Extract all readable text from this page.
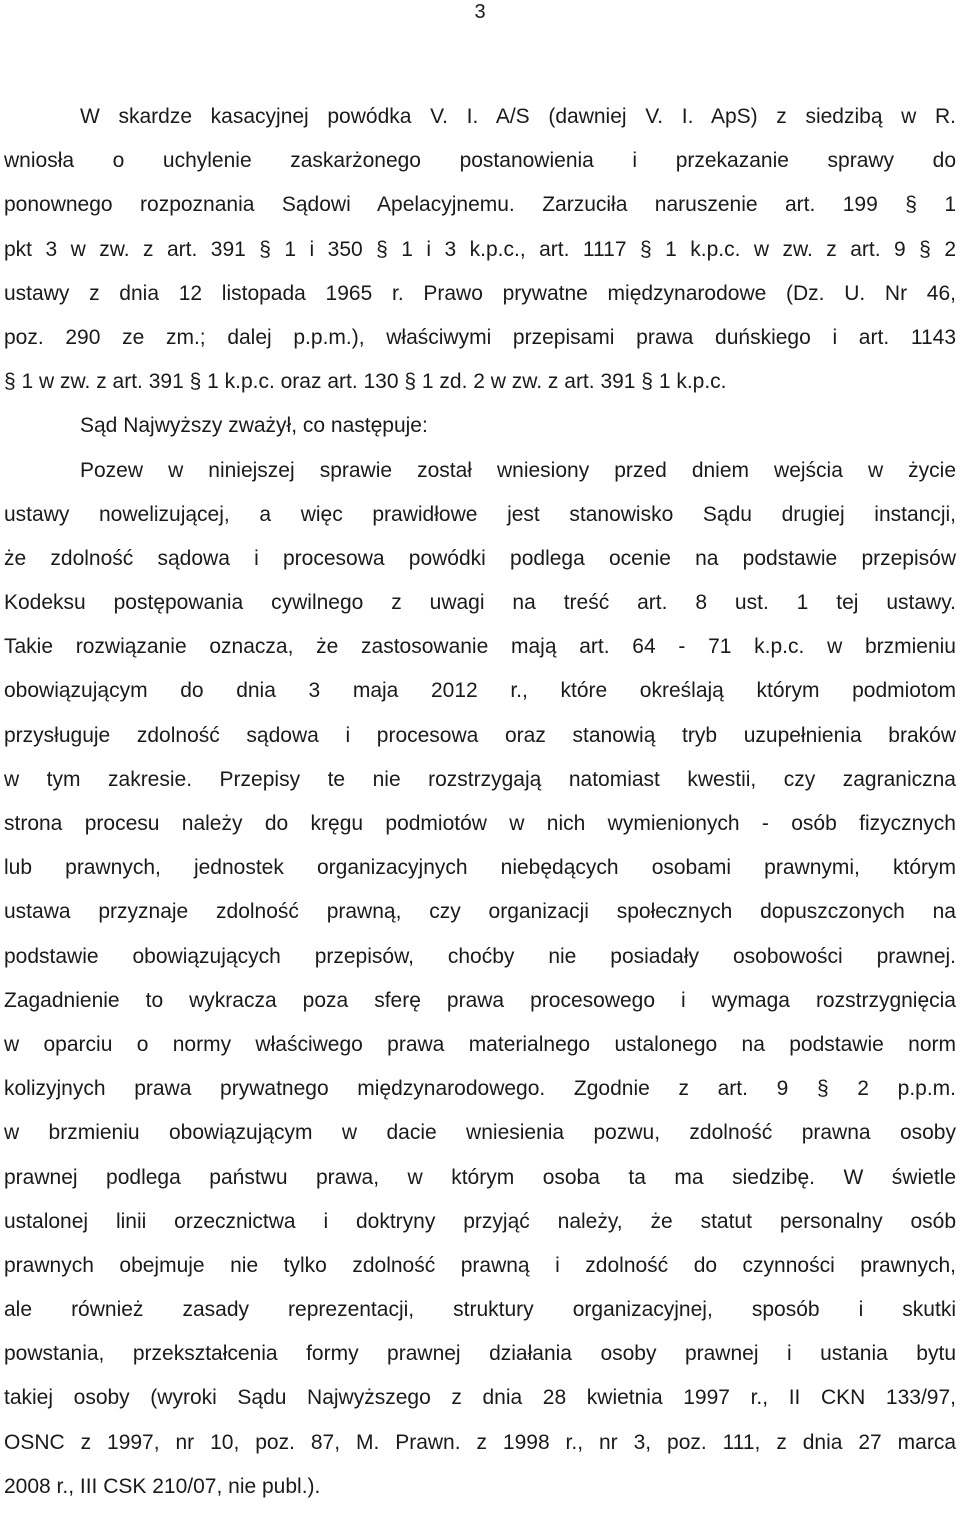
3
W skardze kasacyjnej powódka V. I. A/S (dawniej V. I. ApS) z siedzibą w R.
wniosła o uchylenie zaskarżonego postanowienia i przekazanie sprawy do
ponownego rozpoznania Sądowi Apelacyjnemu. Zarzuciła naruszenie art. 199 § 1
pkt 3 w zw. z art. 391 § 1 i 350 § 1 i 3 k.p.c., art. 1117 § 1 k.p.c. w zw. z art. 9 § 2
ustawy z dnia 12 listopada 1965 r. Prawo prywatne międzynarodowe (Dz. U. Nr 46,
poz. 290 ze zm.; dalej p.p.m.), właściwymi przepisami prawa duńskiego i art. 1143
§ 1 w zw. z art. 391 § 1 k.p.c. oraz art. 130 § 1 zd. 2 w zw. z art. 391 § 1 k.p.c.
Sąd Najwyższy zważył, co następuje:
Pozew w niniejszej sprawie został wniesiony przed dniem wejścia w życie
ustawy nowelizującej, a więc prawidłowe jest stanowisko Sądu drugiej instancji,
że zdolność sądowa i procesowa powódki podlega ocenie na podstawie przepisów
Kodeksu postępowania cywilnego z uwagi na treść art. 8 ust. 1 tej ustawy.
Takie rozwiązanie oznacza, że zastosowanie mają art. 64 - 71 k.p.c. w brzmieniu
obowiązującym do dnia 3 maja 2012 r., które określają którym podmiotom
przysługuje zdolność sądowa i procesowa oraz stanowią tryb uzupełnienia braków
w tym zakresie. Przepisy te nie rozstrzygają natomiast kwestii, czy zagraniczna
strona procesu należy do kręgu podmiotów w nich wymienionych - osób fizycznych
lub prawnych, jednostek organizacyjnych niebędących osobami prawnymi, którym
ustawa przyznaje zdolność prawną, czy organizacji społecznych dopuszczonych na
podstawie obowiązujących przepisów, choćby nie posiadały osobowości prawnej.
Zagadnienie to wykracza poza sferę prawa procesowego i wymaga rozstrzygnięcia
w oparciu o normy właściwego prawa materialnego ustalonego na podstawie norm
kolizyjnych prawa prywatnego międzynarodowego. Zgodnie z art. 9 § 2 p.p.m.
w brzmieniu obowiązującym w dacie wniesienia pozwu, zdolność prawna osoby
prawnej podlega państwu prawa, w którym osoba ta ma siedzibę. W świetle
ustalonej linii orzecznictwa i doktryny przyjąć należy, że statut personalny osób
prawnych obejmuje nie tylko zdolność prawną i zdolność do czynności prawnych,
ale również zasady reprezentacji, struktury organizacyjnej, sposób i skutki
powstania, przekształcenia formy prawnej działania osoby prawnej i ustania bytu
takiej osoby (wyroki Sądu Najwyższego z dnia 28 kwietnia 1997 r., II CKN 133/97,
OSNC z 1997, nr 10, poz. 87, M. Prawn. z 1998 r., nr 3, poz. 111, z dnia 27 marca
2008 r., III CSK 210/07, nie publ.).
